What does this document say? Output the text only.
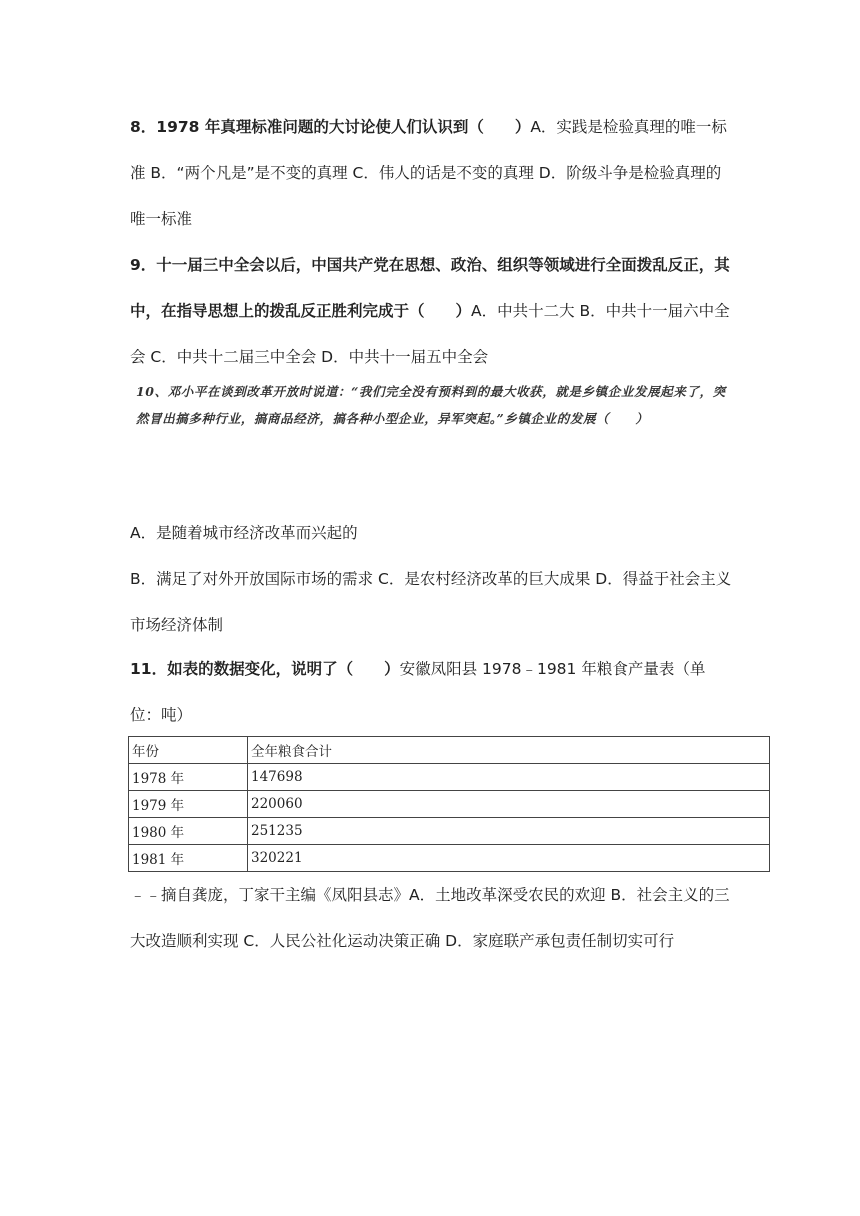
8．1978 年真理标准问题的大讨论使人们认识到（　　）A．实践是检验真理的唯一标准 B．“两个凡是”是不变的真理 C．伟人的话是不变的真理 D．阶级斗争是检验真理的唯一标准

9．十一届三中全会以后，中国共产党在思想、政治、组织等领域进行全面拨乱反正，其中，在指导思想上的拨乱反正胜利完成于（　　）A．中共十二大 B．中共十一届六中全会 C．中共十二届三中全会 D．中共十一届五中全会

10、邓小平在谈到改革开放时说道：“我们完全没有预料到的最大收获，就是乡镇企业发展起来了，突然冒出搞多种行业，搞商品经济，搞各种小型企业，异军突起。”乡镇企业的发展（　　）

A．是随着城市经济改革而兴起的

B．满足了对外开放国际市场的需求 C．是农村经济改革的巨大成果 D．得益于社会主义市场经济体制

11．如表的数据变化，说明了（　　）安徽凤阳县 1978﹣1981 年粮食产量表（单位：吨）

年份	全年粮食合计
1978 年	147698
1979 年	220060
1980 年	251235
1981 年	320221

﹣﹣摘自龚庞，丁家干主编《凤阳县志》A．土地改革深受农民的欢迎 B．社会主义的三大改造顺利实现 C．人民公社化运动决策正确 D．家庭联产承包责任制切实可行
